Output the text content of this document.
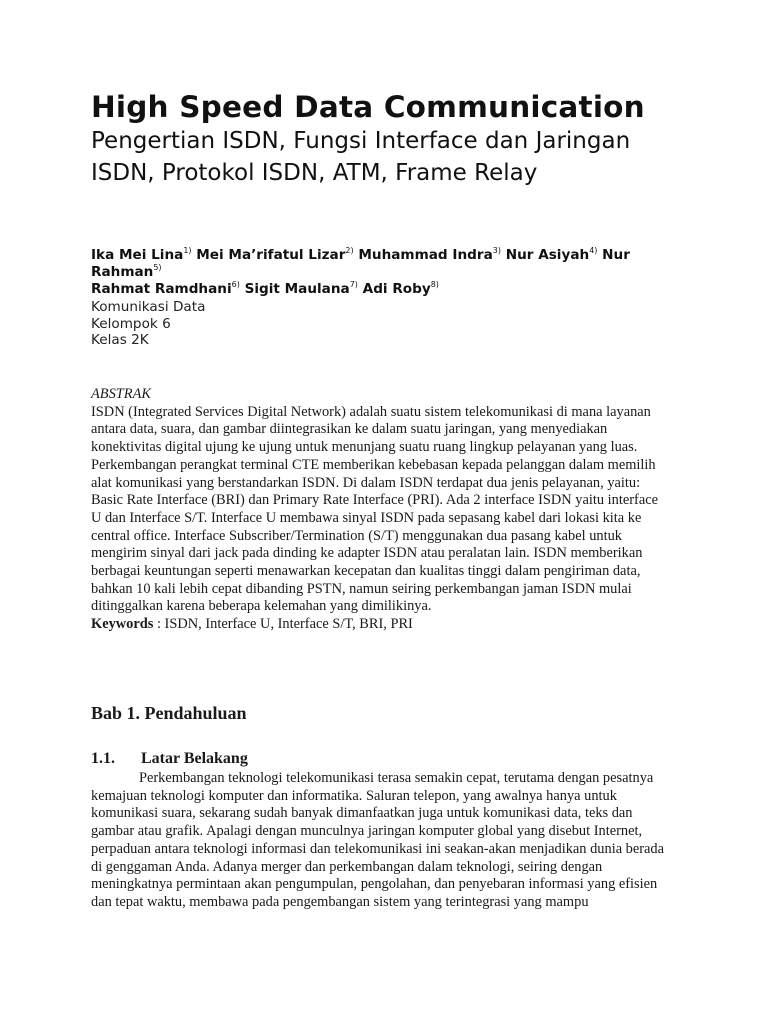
High Speed Data Communication
Pengertian ISDN, Fungsi Interface dan Jaringan ISDN, Protokol ISDN, ATM, Frame Relay
Ika Mei Lina$^{1)}$ Mei Ma’rifatul Lizar$^{2)}$ Muhammad Indra$^{3)}$ Nur Asiyah$^{4)}$ Nur Rahman$^{5)}$
Rahmat Ramdhani$^{6)}$ Sigit Maulana$^{7)}$ Adi Roby$^{8)}$
Komunikasi Data
Kelompok 6
Kelas 2K
ABSTRAK

ISDN (Integrated Services Digital Network) adalah suatu sistem telekomunikasi di mana layanan antara data, suara, dan gambar diintegrasikan ke dalam suatu jaringan, yang menyediakan konektivitas digital ujung ke ujung untuk menunjang suatu ruang lingkup pelayanan yang luas. Perkembangan perangkat terminal CTE memberikan kebebasan kepada pelanggan dalam memilih alat komunikasi yang berstandarkan ISDN. Di dalam ISDN terdapat dua jenis pelayanan, yaitu: Basic Rate Interface (BRI) dan Primary Rate Interface (PRI). Ada 2 interface ISDN yaitu interface U dan Interface S/T. Interface U membawa sinyal ISDN pada sepasang kabel dari lokasi kita ke central office. Interface Subscriber/Termination (S/T) menggunakan dua pasang kabel untuk mengirim sinyal dari jack pada dinding ke adapter ISDN atau peralatan lain. ISDN memberikan berbagai keuntungan seperti menawarkan kecepatan dan kualitas tinggi dalam pengiriman data, bahkan 10 kali lebih cepat dibanding PSTN, namun seiring perkembangan jaman ISDN mulai ditinggalkan karena beberapa kelemahan yang dimilikinya.

Keywords : ISDN, Interface U, Interface S/T, BRI, PRI

Bab 1. Pendahuluan
1.1. Latar Belakang

Perkembangan teknologi telekomunikasi terasa semakin cepat, terutama dengan pesatnya kemajuan teknologi komputer dan informatika. Saluran telepon, yang awalnya hanya untuk komunikasi suara, sekarang sudah banyak dimanfaatkan juga untuk komunikasi data, teks dan gambar atau grafik. Apalagi dengan munculnya jaringan komputer global yang disebut Internet, perpaduan antara teknologi informasi dan telekomunikasi ini seakan-akan menjadikan dunia berada di genggaman Anda. Adanya merger dan perkembangan dalam teknologi, seiring dengan meningkatnya permintaan akan pengumpulan, pengolahan, dan penyebaran informasi yang efisien dan tepat waktu, membawa pada pengembangan sistem yang terintegrasi yang mampu
